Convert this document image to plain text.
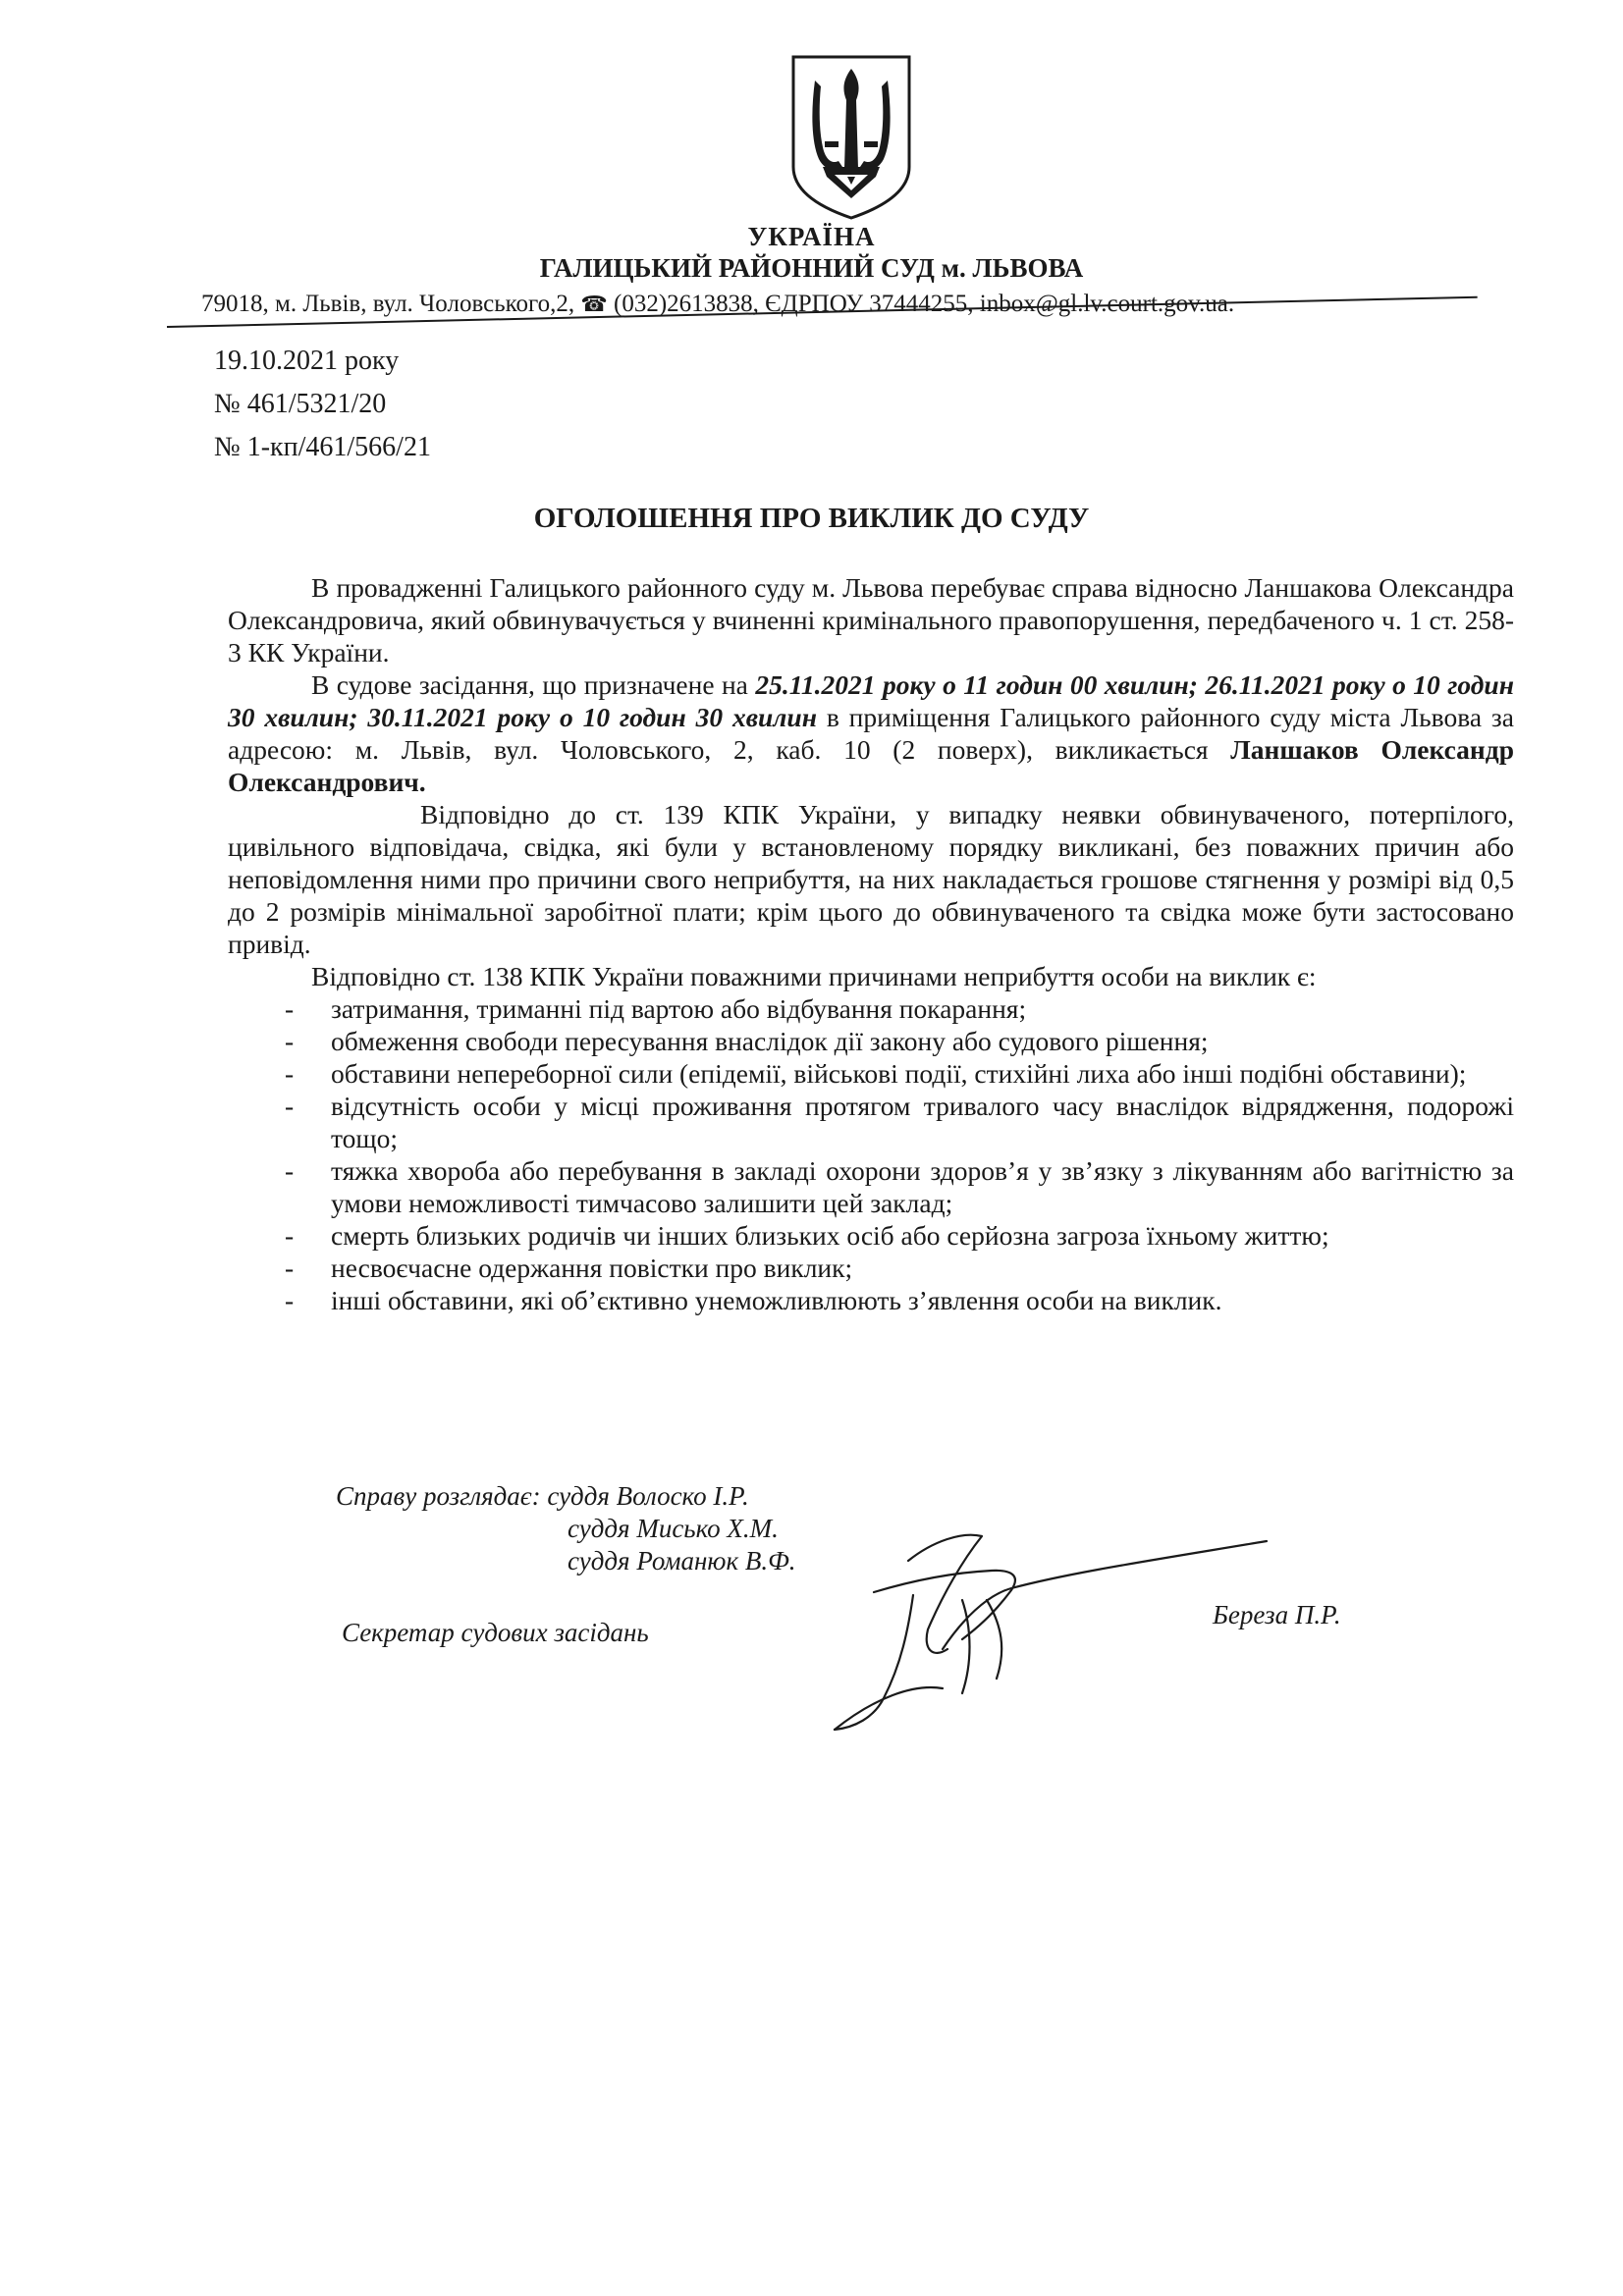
УКРАЇНА
ГАЛИЦЬКИЙ РАЙОННИЙ СУД м. ЛЬВОВА
79018, м. Львів, вул. Чоловського,2, ☎ (032)2613838, ЄДРПОУ 37444255, inbox@gl.lv.court.gov.ua.
19.10.2021 року
№ 461/5321/20
№ 1-кп/461/566/21
ОГОЛОШЕННЯ ПРО ВИКЛИК ДО СУДУ

В провадженні Галицького районного суду м. Львова перебуває справа відносно Ланшакова Олександра Олександровича, який обвинувачується у вчиненні кримінального правопорушення, передбаченого ч. 1 ст. 258-3 КК України.

В судове засідання, що призначене на 25.11.2021 року о 11 годин 00 хвилин; 26.11.2021 року о 10 годин 30 хвилин; 30.11.2021 року о 10 годин 30 хвилин в приміщення Галицького районного суду міста Львова за адресою: м. Львів, вул. Чоловського, 2, каб. 10 (2 поверх), викликається Ланшаков Олександр Олександрович.

Відповідно до ст. 139 КПК України, у випадку неявки обвинуваченого, потерпілого, цивільного відповідача, свідка, які були у встановленому порядку викликані, без поважних причин або неповідомлення ними про причини свого неприбуття, на них накладається грошове стягнення у розмірі від 0,5 до 2 розмірів мінімальної заробітної плати; крім цього до обвинуваченого та свідка може бути застосовано привід.

Відповідно ст. 138 КПК України поважними причинами неприбуття особи на виклик є:

- затримання, триманні під вартою або відбування покарання;
- обмеження свободи пересування внаслідок дії закону або судового рішення;
- обставини непереборної сили (епідемії, військові події, стихійні лиха або інші подібні обставини);
- відсутність особи у місці проживання протягом тривалого часу внаслідок відрядження, подорожі тощо;
- тяжка хвороба або перебування в закладі охорони здоров’я у зв’язку з лікуванням або вагітністю за умови неможливості тимчасово залишити цей заклад;
- смерть близьких родичів чи інших близьких осіб або серйозна загроза їхньому життю;
- несвоєчасне одержання повістки про виклик;
- інші обставини, які об’єктивно унеможливлюють з’явлення особи на виклик.
Справу розглядає: суддя Волоско І.Р.
суддя Мисько Х.М.
суддя Романюк В.Ф.
Секретар судових засідань
Береза П.Р.
